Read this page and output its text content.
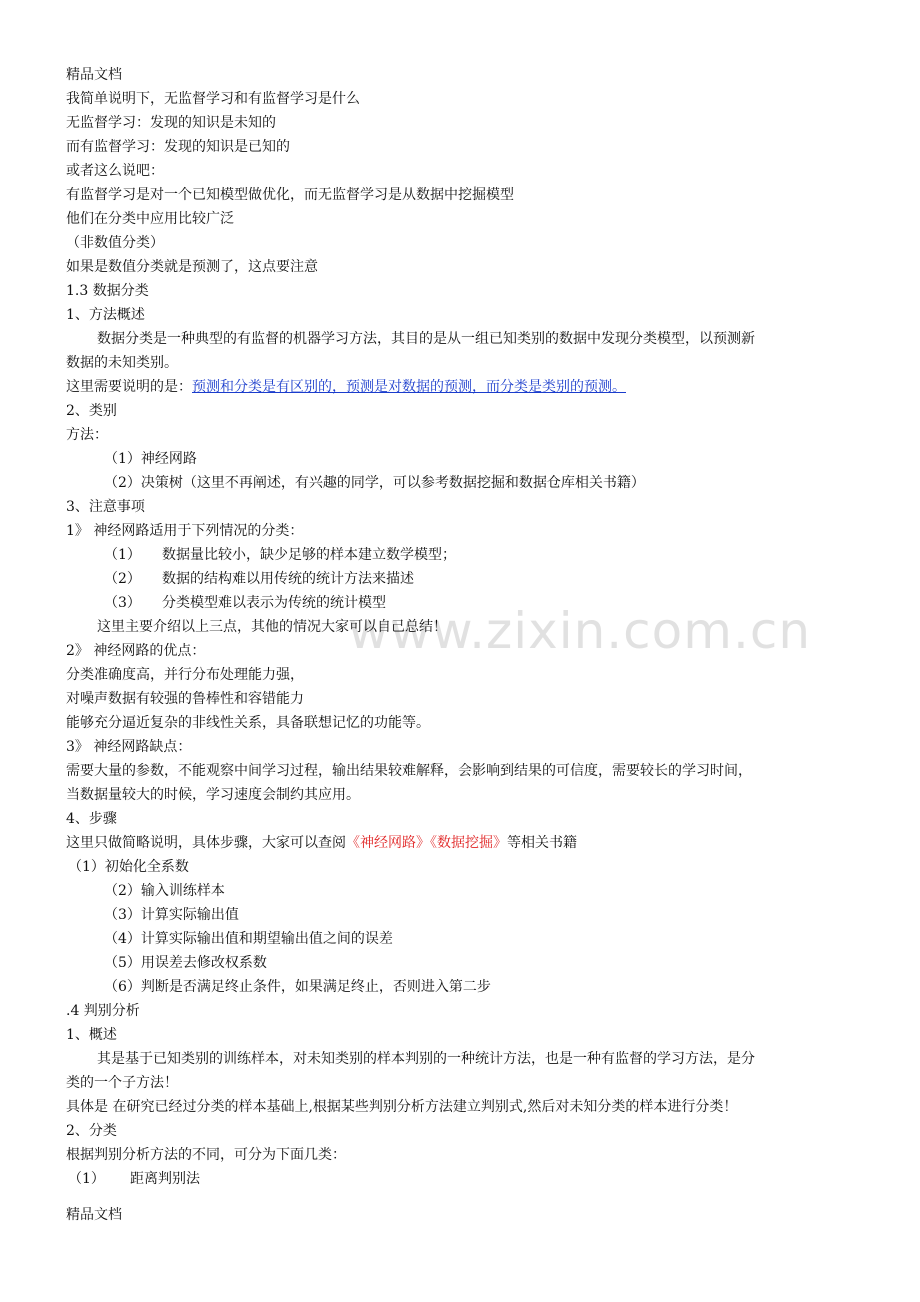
www.zixin.com.cn
精品文档
我简单说明下，无监督学习和有监督学习是什么
无监督学习：发现的知识是未知的
而有监督学习：发现的知识是已知的
或者这么说吧：
有监督学习是对一个已知模型做优化，而无监督学习是从数据中挖掘模型
他们在分类中应用比较广泛
（非数值分类）
如果是数值分类就是预测了，这点要注意
1.3 数据分类
1、方法概述
数据分类是一种典型的有监督的机器学习方法，其目的是从一组已知类别的数据中发现分类模型，以预测新
数据的未知类别。
这里需要说明的是：预测和分类是有区别的，预测是对数据的预测，而分类是类别的预测。
2、类别
方法：
（1）神经网路
（2）决策树（这里不再阐述，有兴趣的同学，可以参考数据挖掘和数据仓库相关书籍）
3、注意事项
1》 神经网路适用于下列情况的分类：
（1） 数据量比较小，缺少足够的样本建立数学模型；
（2） 数据的结构难以用传统的统计方法来描述
（3） 分类模型难以表示为传统的统计模型
这里主要介绍以上三点，其他的情况大家可以自己总结！
2》 神经网路的优点：
分类准确度高，并行分布处理能力强，
对噪声数据有较强的鲁棒性和容错能力
能够充分逼近复杂的非线性关系，具备联想记忆的功能等。
3》 神经网路缺点：
需要大量的参数，不能观察中间学习过程，输出结果较难解释，会影响到结果的可信度，需要较长的学习时间，
当数据量较大的时候，学习速度会制约其应用。
4、步骤
这里只做简略说明，具体步骤，大家可以查阅《神经网路》《数据挖掘》等相关书籍
（1）初始化全系数
（2）输入训练样本
（3）计算实际输出值
（4）计算实际输出值和期望输出值之间的误差
（5）用误差去修改权系数
（6）判断是否满足终止条件，如果满足终止，否则进入第二步
.4 判别分析
1、概述
其是基于已知类别的训练样本，对未知类别的样本判别的一种统计方法，也是一种有监督的学习方法，是分
类的一个子方法！
具体是 在研究已经过分类的样本基础上,根据某些判别分析方法建立判别式,然后对未知分类的样本进行分类！
2、分类
根据判别分析方法的不同，可分为下面几类：
（1） 距离判别法
精品文档
